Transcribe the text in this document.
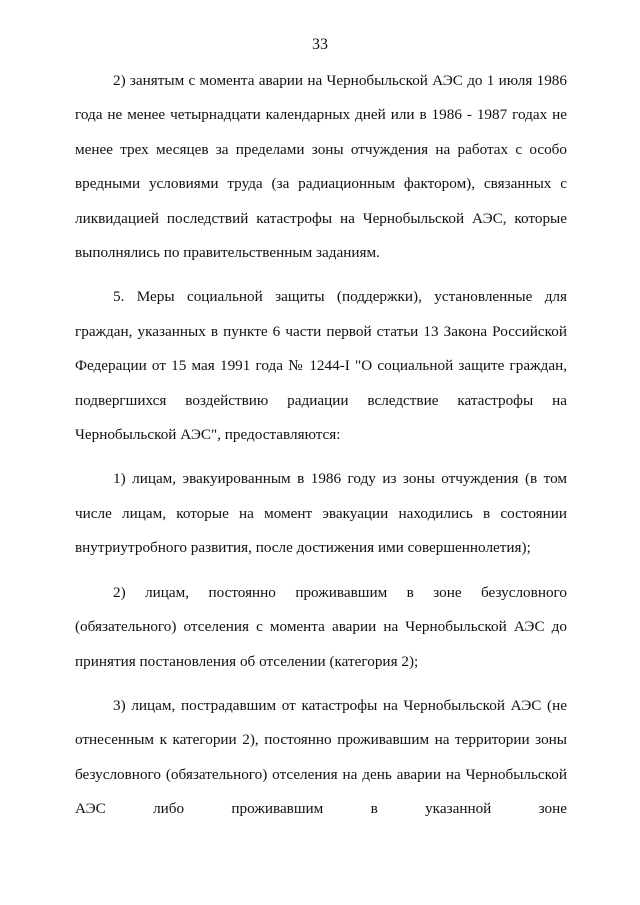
33

2) занятым с момента аварии на Чернобыльской АЭС до 1 июля 1986 года не менее четырнадцати календарных дней или в 1986 - 1987 годах не менее трех месяцев за пределами зоны отчуждения на работах с особо вредными условиями труда (за радиационным фактором), связанных с ликвидацией последствий катастрофы на Чернобыльской АЭС, которые выполнялись по правительственным заданиям.

5. Меры социальной защиты (поддержки), установленные для граждан, указанных в пункте 6 части первой статьи 13 Закона Российской Федерации от 15 мая 1991 года № 1244-I "О социальной защите граждан, подвергшихся воздействию радиации вследствие катастрофы на Чернобыльской АЭС", предоставляются:

1) лицам, эвакуированным в 1986 году из зоны отчуждения (в том числе лицам, которые на момент эвакуации находились в состоянии внутриутробного развития, после достижения ими совершеннолетия);

2) лицам, постоянно проживавшим в зоне безусловного (обязательного) отселения с момента аварии на Чернобыльской АЭС до принятия постановления об отселении (категория 2);

3) лицам, пострадавшим от катастрофы на Чернобыльской АЭС (не отнесенным к категории 2), постоянно проживавшим на территории зоны безусловного (обязательного) отселения на день аварии на Чернобыльской АЭС либо проживавшим в указанной зоне
